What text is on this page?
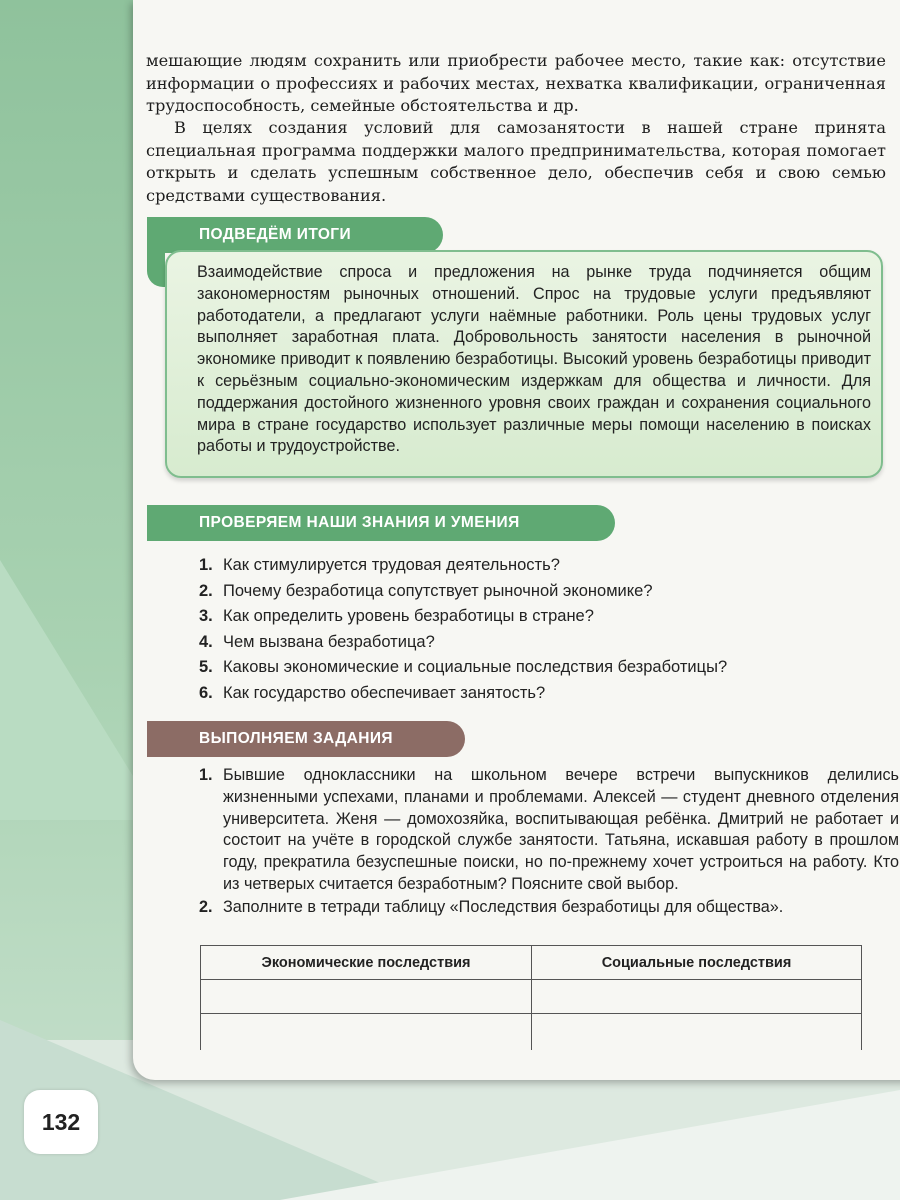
мешающие людям сохранить или приобрести рабочее место, такие как: отсутствие информации о профессиях и рабочих местах, нехватка квалификации, ограниченная трудоспособность, семейные обстоятельства и др.

В целях создания условий для самозанятости в нашей стране принята специальная программа поддержки малого предпринимательства, которая помогает открыть и сделать успешным собственное дело, обеспечив себя и свою семью средствами существования.

ПОДВЕДЁМ ИТОГИ

Взаимодействие спроса и предложения на рынке труда подчиняется общим закономерностям рыночных отношений. Спрос на трудовые услуги предъявляют работодатели, а предлагают услуги наёмные работники. Роль цены трудовых услуг выполняет заработная плата. Добровольность занятости населения в рыночной экономике приводит к появлению безработицы. Высокий уровень безработицы приводит к серьёзным социально-экономическим издержкам для общества и личности. Для поддержания достойного жизненного уровня своих граждан и сохранения социального мира в стране государство использует различные меры помощи населению в поисках работы и трудоустройстве.

ПРОВЕРЯЕМ НАШИ ЗНАНИЯ И УМЕНИЯ
1. Как стимулируется трудовая деятельность?
2. Почему безработица сопутствует рыночной экономике?
3. Как определить уровень безработицы в стране?
4. Чем вызвана безработица?
5. Каковы экономические и социальные последствия безработицы?
6. Как государство обеспечивает занятость?
ВЫПОЛНЯЕМ ЗАДАНИЯ
1. Бывшие одноклассники на школьном вечере встречи выпускников делились жизненными успехами, планами и проблемами. Алексей — студент дневного отделения университета. Женя — домохозяйка, воспитывающая ребёнка. Дмитрий не работает и состоит на учёте в городской службе занятости. Татьяна, искавшая работу в прошлом году, прекратила безуспешные поиски, но по-прежнему хочет устроиться на работу. Кто из четверых считается безработным? Поясните свой выбор.
2. Заполните в тетради таблицу «Последствия безработицы для общества».
Экономические последствия	Социальные последствия

132
